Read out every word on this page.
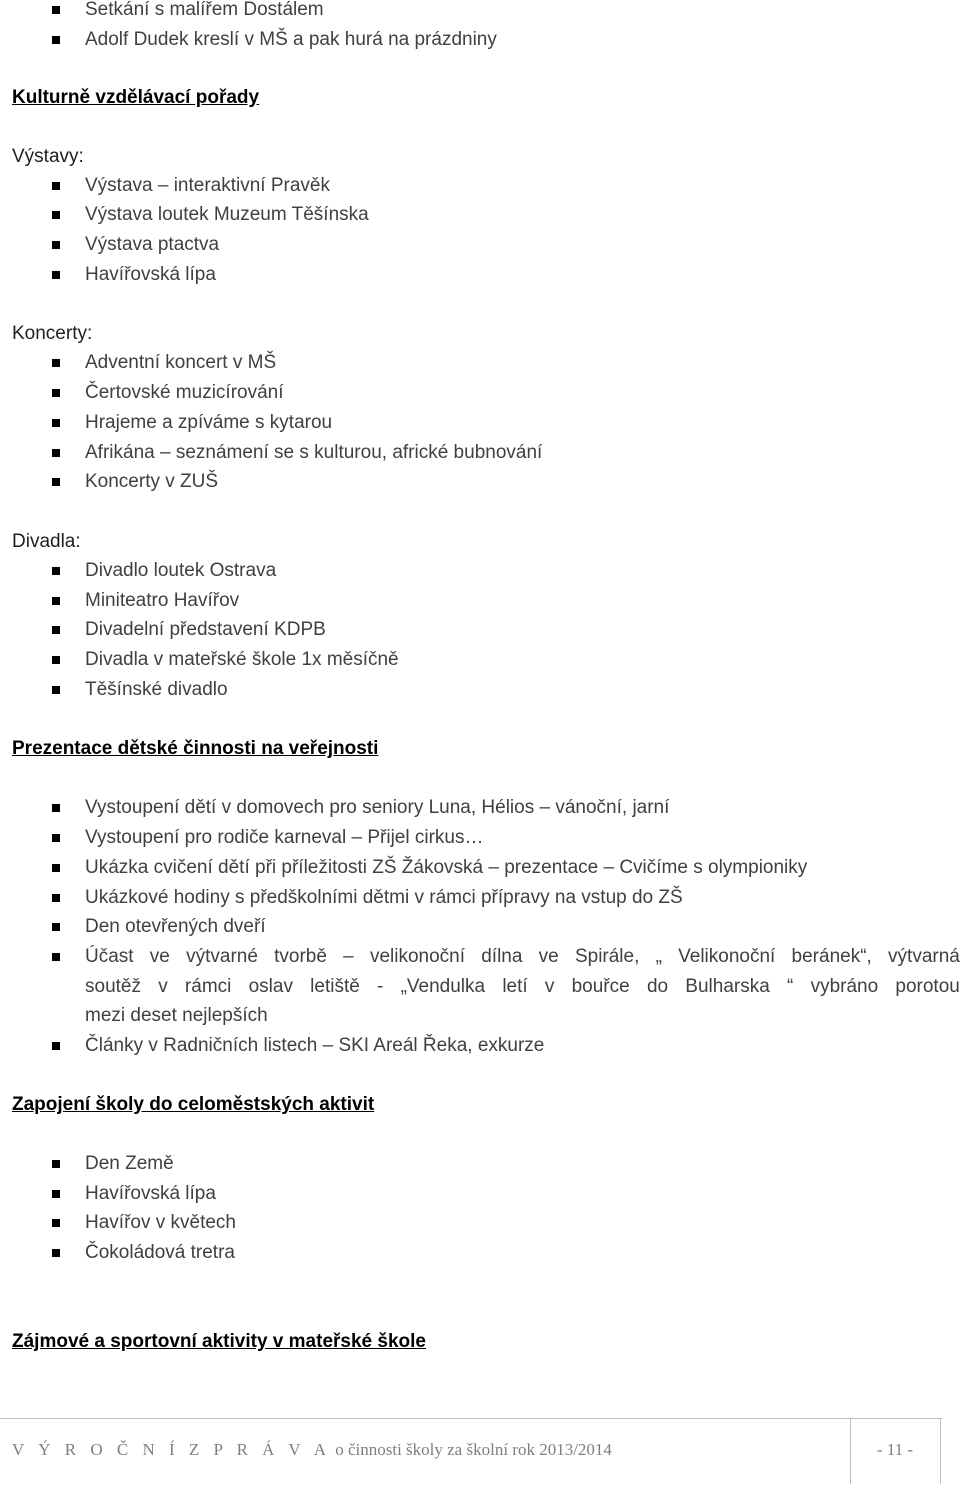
Setkání s malířem Dostálem
Adolf Dudek kreslí v MŠ a pak hurá na prázdniny
Kulturně vzdělávací pořady
Výstavy:
Výstava – interaktivní Pravěk
Výstava loutek Muzeum Těšínska
Výstava ptactva
Havířovská lípa
Koncerty:
Adventní koncert v MŠ
Čertovské muzicírování
Hrajeme a zpíváme s kytarou
Afrikána – seznámení se s kulturou, africké bubnování
Koncerty v ZUŠ
Divadla:
Divadlo loutek Ostrava
Miniteatro Havířov
Divadelní představení KDPB
Divadla v mateřské škole 1x měsíčně
Těšínské divadlo
Prezentace dětské činnosti na veřejnosti
Vystoupení dětí v domovech pro seniory Luna, Hélios – vánoční, jarní
Vystoupení pro rodiče karneval – Přijel cirkus…
Ukázka cvičení dětí při příležitosti ZŠ Žákovská – prezentace – Cvičíme s olympioniky
Ukázkové hodiny s předškolními dětmi v rámci přípravy na vstup do ZŠ
Den otevřených dveří
Účast ve výtvarné tvorbě – velikonoční dílna ve Spirále, „ Velikonoční beránek“, výtvarná
soutěž v rámci oslav letiště - „Vendulka letí v bouřce do Bulharska “ vybráno porotou
mezi deset nejlepších
Články v Radničních listech – SKI Areál Řeka, exkurze
Zapojení školy do celoměstských aktivit
Den Země
Havířovská lípa
Havířov v květech
Čokoládová tretra
Zájmové a sportovní aktivity v mateřské škole
V Ý R O Č N Í Z P R Á V A o činnosti školy za školní rok 2013/2014	- 11 -
